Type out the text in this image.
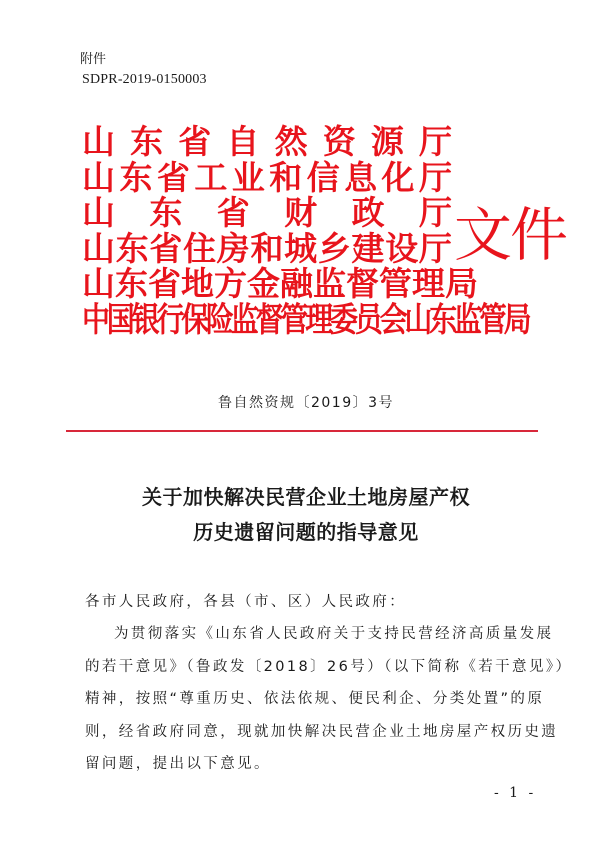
附件
SDPR-2019-0150003
山 东 省 自 然 资 源 厅
山 东 省 工 业 和 信 息 化 厅
山 东 省 财 政 厅
山 东 省 住 房 和 城 乡 建 设 厅
山 东 省 地 方 金 融 监 督 管 理 局
中国银行保险监督管理委员会山东监管局
文件
鲁自然资规〔2019〕3号
关于加快解决民营企业土地房屋产权
历史遗留问题的指导意见
各市人民政府，各县（市、区）人民政府：
为贯彻落实《山东省人民政府关于支持民营经济高质量发展
的若干意见》（鲁政发〔2018〕26号）（以下简称《若干意见》）
精神，按照“尊重历史、依法依规、便民利企、分类处置”的原
则，经省政府同意，现就加快解决民营企业土地房屋产权历史遗
留问题，提出以下意见。
- 1 -
